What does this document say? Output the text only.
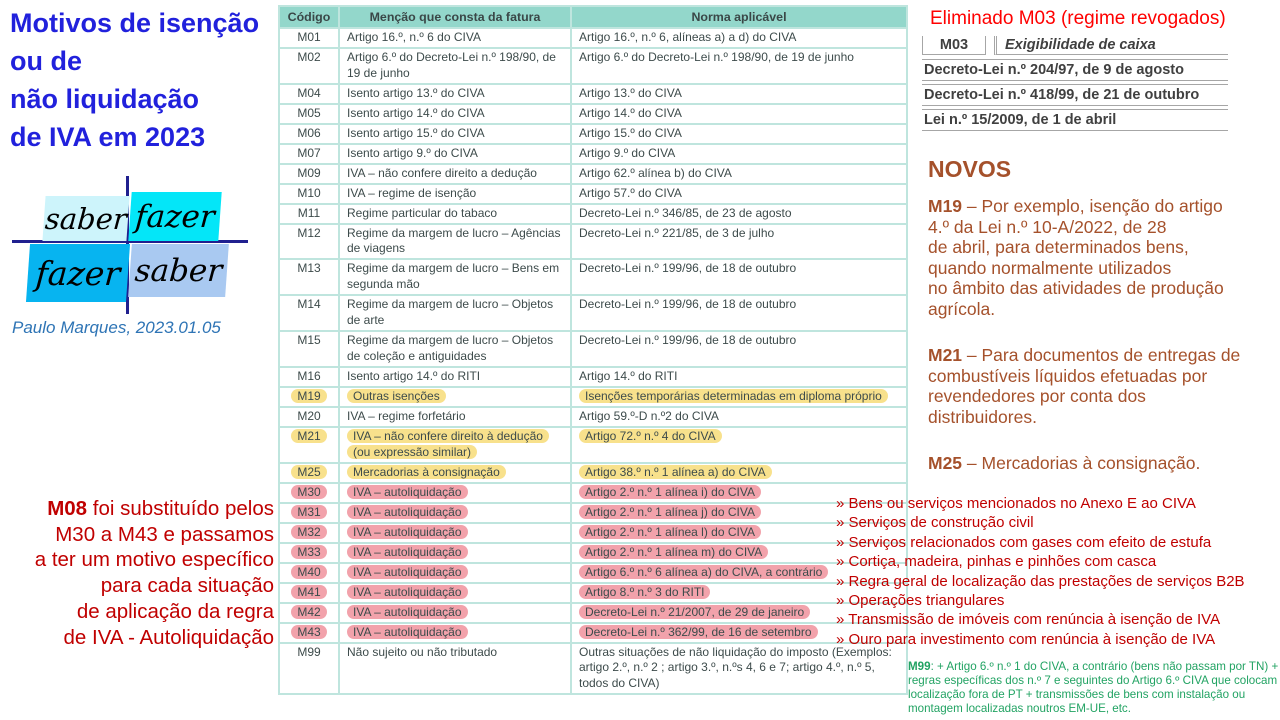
Motivos de isenção
ou de
não liquidação
de IVA em 2023
saber fazer
fazer saber
Paulo Marques, 2023.01.05
M08 foi substituído pelos
M30 a M43 e passamos
a ter um motivo específico
para cada situação
de aplicação da regra
de IVA - Autoliquidação
Código	Menção que consta da fatura	Norma aplicável
M01	Artigo 16.º, n.º 6 do CIVA	Artigo 16.º, n.º 6, alíneas a) a d) do CIVA
M02	Artigo 6.º do Decreto-Lei n.º 198/90, de 19 de junho	Artigo 6.º do Decreto-Lei n.º 198/90, de 19 de junho
M04	Isento artigo 13.º do CIVA	Artigo 13.º do CIVA
M05	Isento artigo 14.º do CIVA	Artigo 14.º do CIVA
M06	Isento artigo 15.º do CIVA	Artigo 15.º do CIVA
M07	Isento artigo 9.º do CIVA	Artigo 9.º do CIVA
M09	IVA – não confere direito a dedução	Artigo 62.º alínea b) do CIVA
M10	IVA – regime de isenção	Artigo 57.º do CIVA
M11	Regime particular do tabaco	Decreto-Lei n.º 346/85, de 23 de agosto
M12	Regime da margem de lucro – Agências de viagens	Decreto-Lei n.º 221/85, de 3 de julho
M13	Regime da margem de lucro – Bens em segunda mão	Decreto-Lei n.º 199/96, de 18 de outubro
M14	Regime da margem de lucro – Objetos de arte	Decreto-Lei n.º 199/96, de 18 de outubro
M15	Regime da margem de lucro – Objetos de coleção e antiguidades	Decreto-Lei n.º 199/96, de 18 de outubro
M16	Isento artigo 14.º do RITI	Artigo 14.º do RITI
M19	Outras isenções	Isenções temporárias determinadas em diploma próprio
M20	IVA – regime forfetário	Artigo 59.º-D n.º2 do CIVA
M21	IVA – não confere direito à dedução (ou expressão similar)	Artigo 72.º n.º 4 do CIVA
M25	Mercadorias à consignação	Artigo 38.º n.º 1 alínea a) do CIVA
M30	IVA – autoliquidação	Artigo 2.º n.º 1 alínea i) do CIVA
M31	IVA – autoliquidação	Artigo 2.º n.º 1 alínea j) do CIVA
M32	IVA – autoliquidação	Artigo 2.º n.º 1 alínea l) do CIVA
M33	IVA – autoliquidação	Artigo 2.º n.º 1 alínea m) do CIVA
M40	IVA – autoliquidação	Artigo 6.º n.º 6 alínea a) do CIVA, a contrário
M41	IVA – autoliquidação	Artigo 8.º n.º 3 do RITI
M42	IVA – autoliquidação	Decreto-Lei n.º 21/2007, de 29 de janeiro
M43	IVA – autoliquidação	Decreto-Lei n.º 362/99, de 16 de setembro
M99	Não sujeito ou não tributado	Outras situações de não liquidação do imposto (Exemplos: artigo 2.º, n.º 2 ; artigo 3.º, n.ºs 4, 6 e 7; artigo 4.º, n.º 5, todos do CIVA)
» Bens ou serviços mencionados no Anexo E ao CIVA
» Serviços de construção civil
» Serviços relacionados com gases com efeito de estufa
» Cortiça, madeira, pinhas e pinhões com casca
» Regra geral de localização das prestações de serviços B2B
» Operações triangulares
» Transmissão de imóveis com renúncia à isenção de IVA
» Ouro para investimento com renúncia à isenção de IVA
Eliminado M03 (regime revogados)
M03	Exigibilidade de caixa
Decreto-Lei n.º 204/97, de 9 de agosto
Decreto-Lei n.º 418/99, de 21 de outubro
Lei n.º 15/2009, de 1 de abril
NOVOS
M19 – Por exemplo, isenção do artigo
4.º da Lei n.º 10-A/2022, de 28
de abril, para determinados bens,
quando normalmente utilizados
no âmbito das atividades de produção
agrícola.
M21 – Para documentos de entregas de
combustíveis líquidos efetuadas por
revendedores por conta dos
distribuidores.
M25 – Mercadorias à consignação.
M99: + Artigo 6.º n.º 1 do CIVA, a contrário (bens não passam por TN) + regras específicas dos n.º 7 e seguintes do Artigo 6.º CIVA que colocam localização fora de PT + transmissões de bens com instalação ou montagem localizadas noutros EM-UE, etc.
